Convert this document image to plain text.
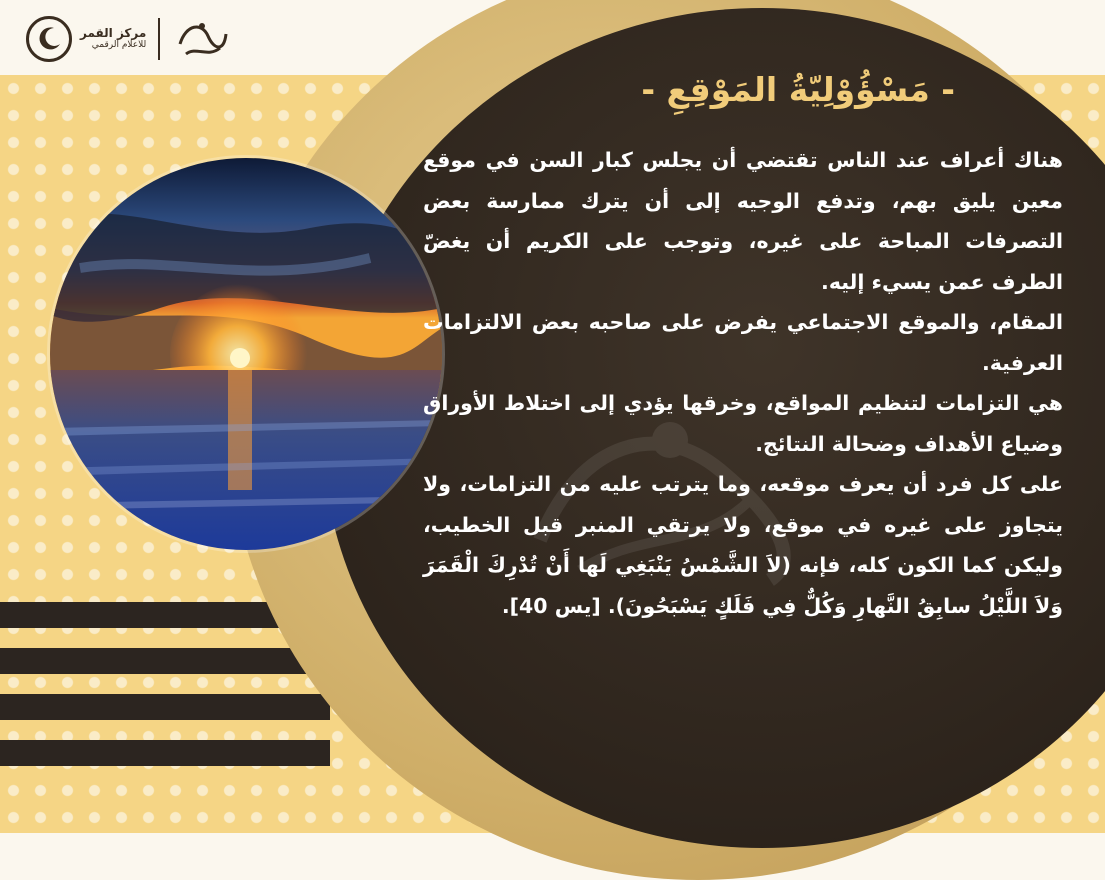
مركز القمر
للاعلام الرقمي
- مَسْؤُوْلِيّةُ المَوْقِعِ -

هناك أعراف عند الناس تقتضي أن يجلس كبار السن في موقع معين يليق بهم، وتدفع الوجيه إلى أن يترك ممارسة بعض التصرفات المباحة على غيره، وتوجب على الكريم أن يغضّ الطرف عمن يسيء إليه.

المقام، والموقع الاجتماعي يفرض على صاحبه بعض الالتزامات العرفية.

هي التزامات لتنظيم المواقع، وخرقها يؤدي إلى اختلاط الأوراق وضياع الأهداف وضحالة النتائج.

على كل فرد أن يعرف موقعه، وما يترتب عليه من التزامات، ولا يتجاوز على غيره في موقع، ولا يرتقي المنبر قبل الخطيب، وليكن كما الكون كله، فإنه (لاَ الشَّمْسُ يَنْبَغِي لَها أَنْ تُدْرِكَ الْقَمَرَ وَلاَ اللَّيْلُ سابِقُ النَّهارِ وَكُلٌّ فِي فَلَكٍ يَسْبَحُونَ). [يس 40].
